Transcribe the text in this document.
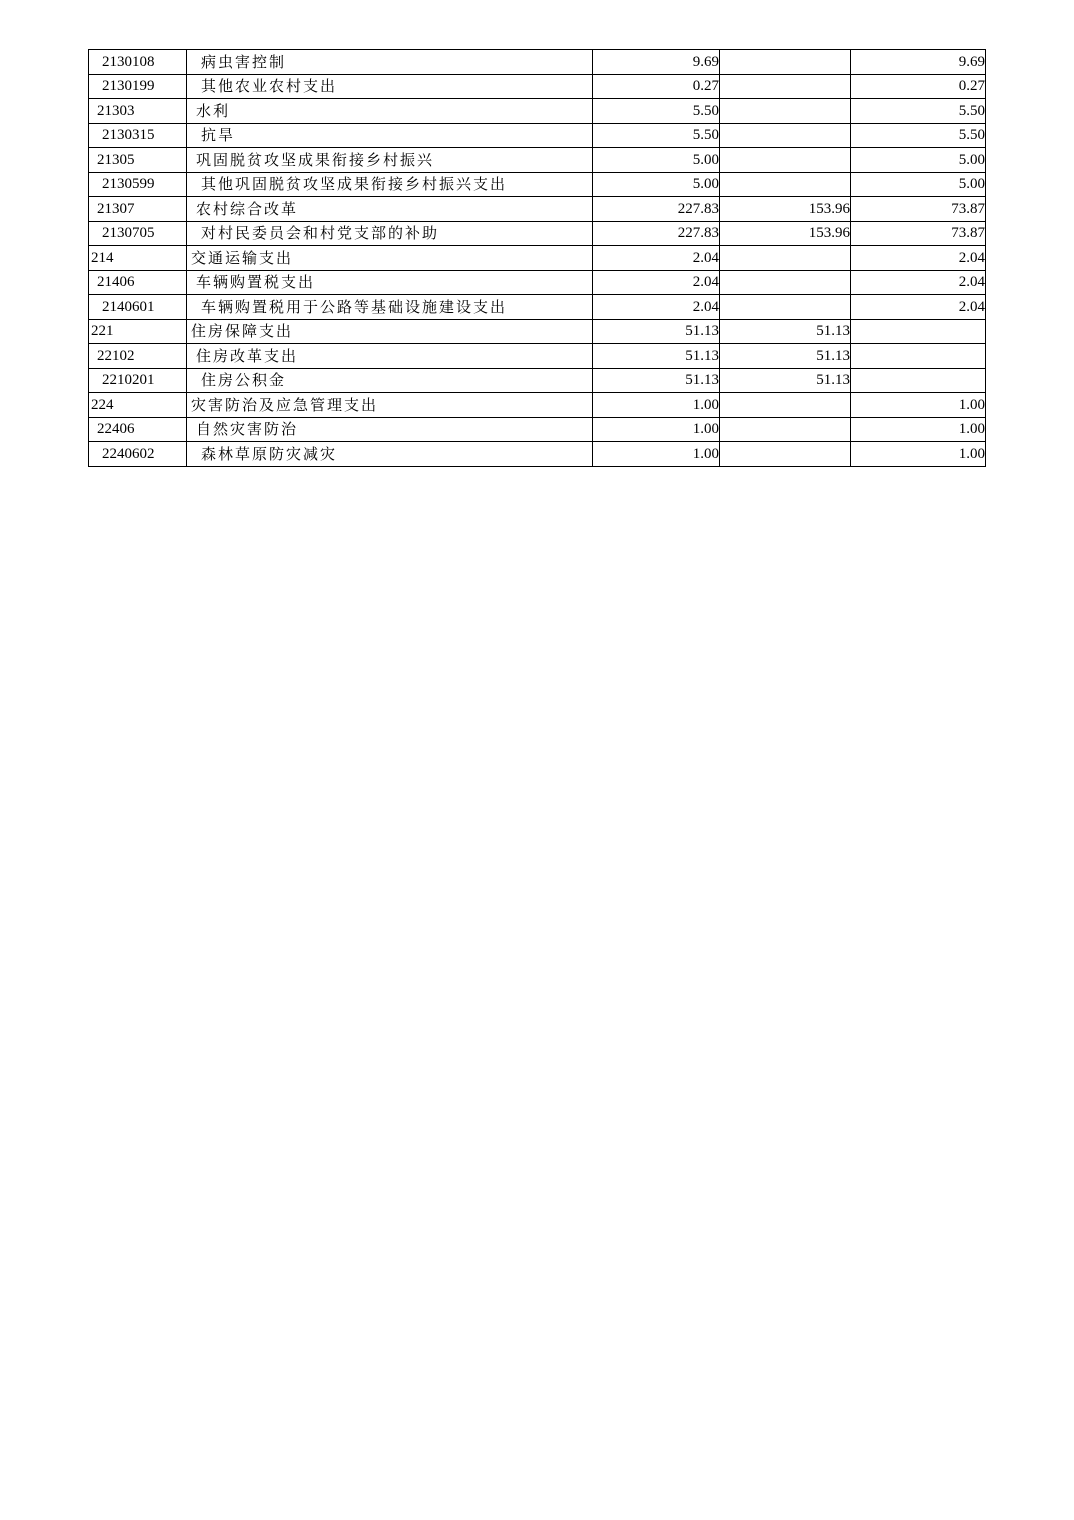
2130108	病虫害控制	9.69		9.69
2130199	其他农业农村支出	0.27		0.27
21303	水利	5.50		5.50
2130315	抗旱	5.50		5.50
21305	巩固脱贫攻坚成果衔接乡村振兴	5.00		5.00
2130599	其他巩固脱贫攻坚成果衔接乡村振兴支出	5.00		5.00
21307	农村综合改革	227.83	153.96	73.87
2130705	对村民委员会和村党支部的补助	227.83	153.96	73.87
214	交通运输支出	2.04		2.04
21406	车辆购置税支出	2.04		2.04
2140601	车辆购置税用于公路等基础设施建设支出	2.04		2.04
221	住房保障支出	51.13	51.13	
22102	住房改革支出	51.13	51.13	
2210201	住房公积金	51.13	51.13	
224	灾害防治及应急管理支出	1.00		1.00
22406	自然灾害防治	1.00		1.00
2240602	森林草原防灾减灾	1.00		1.00
